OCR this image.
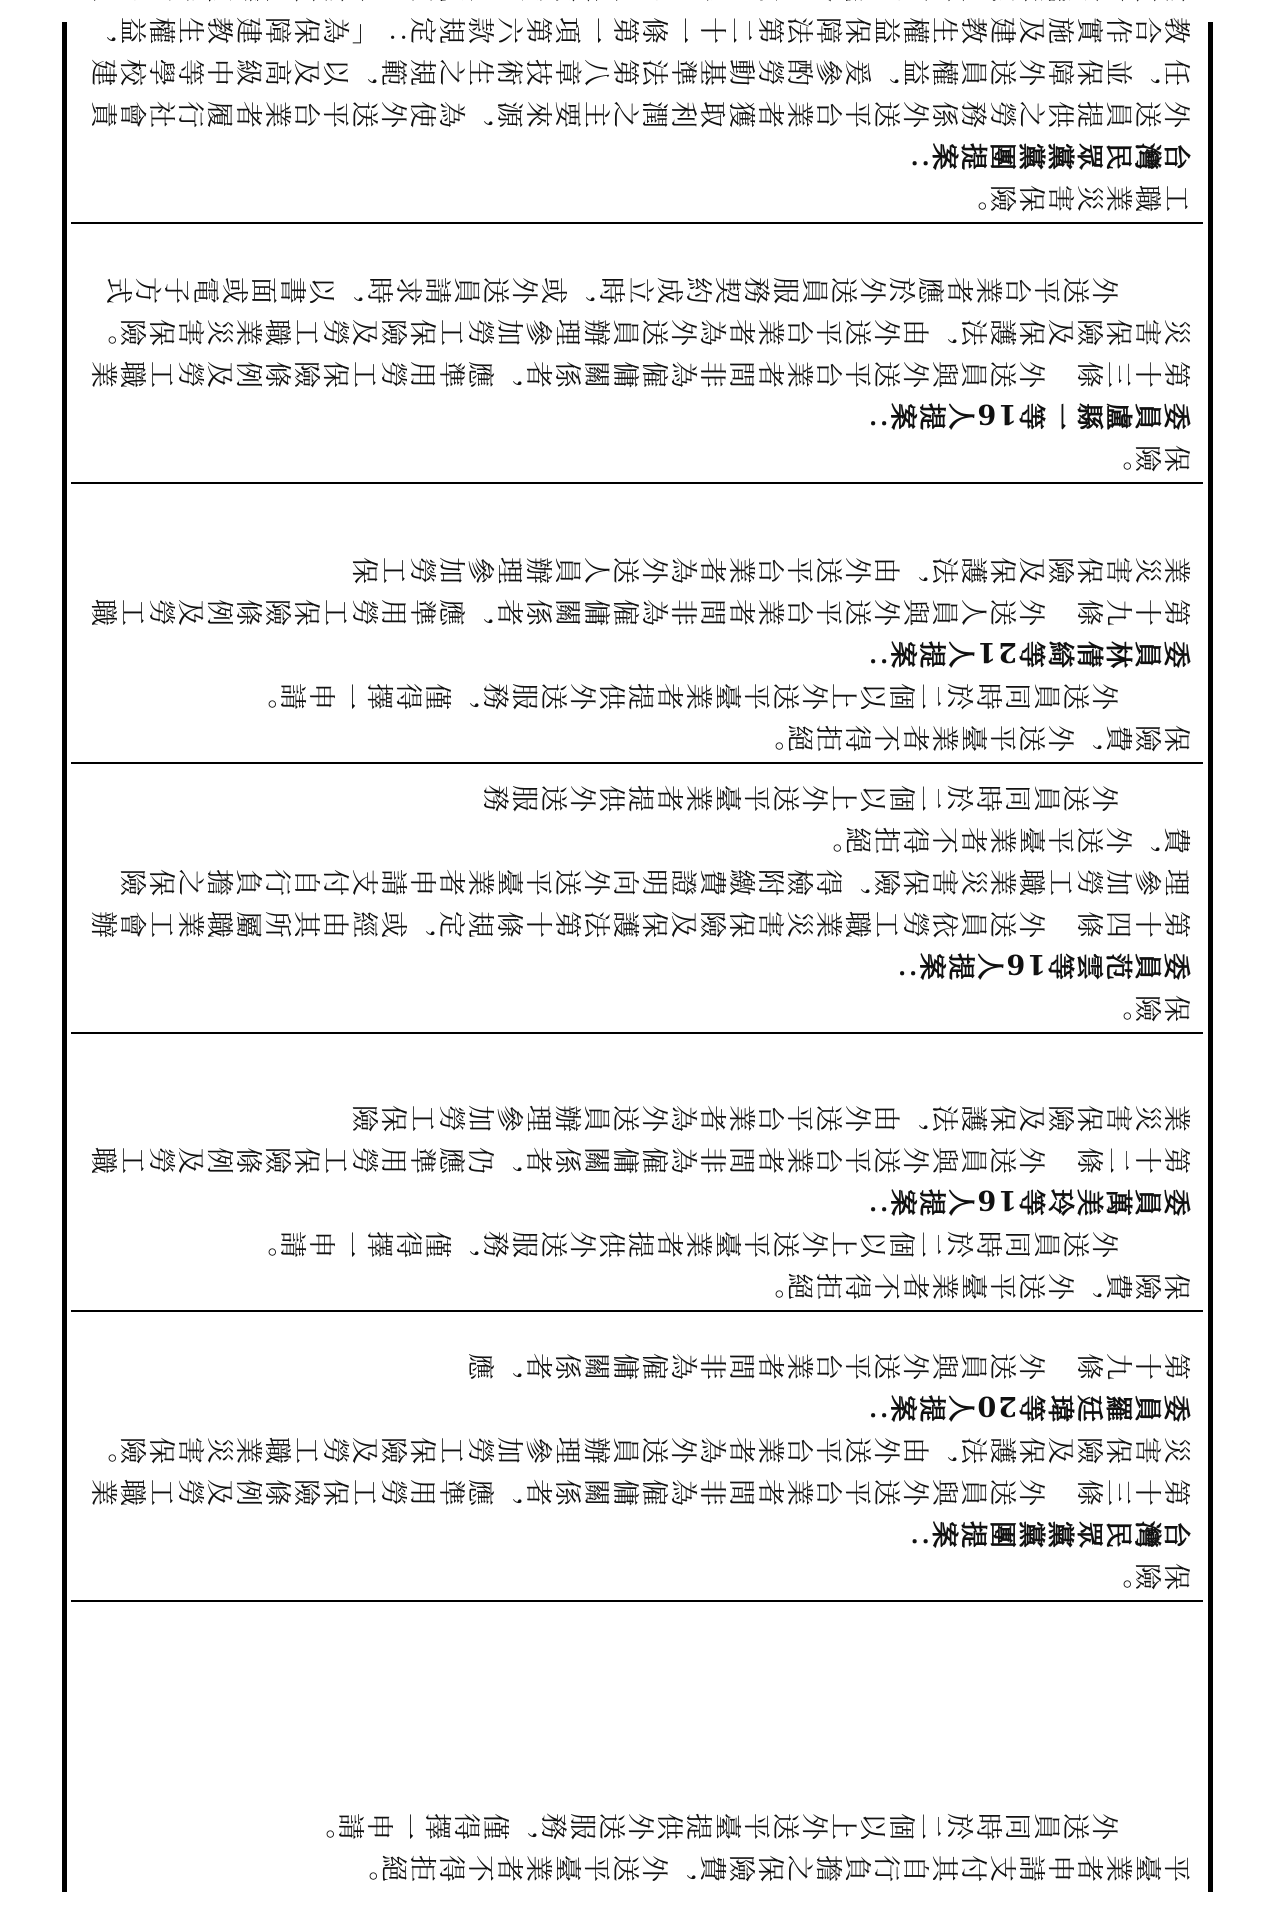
平臺業者申請支付其自行負擔之保險費，外送平臺業者不得拒絕。

外送員同時於二個以上外送平臺提供外送服務，僅得擇一申請。

保險。

台灣民眾黨黨團提案：

第十三條　外送員與外送平台業者間非為僱傭關係者，應準用勞工保險條例及勞工職業災害保險及保護法，由外送平台業者為外送員辦理參加勞工保險及勞工職業災害保險。

委員羅廷瑋等20人提案：

第十九條　外送員與外送平台業者間非為僱傭關係者，應

保險費，外送平臺業者不得拒絕。

外送員同時於二個以上外送平臺業者提供外送服務，僅得擇一申請。

委員萬美玲等16人提案：

第十二條　外送員與外送平台業者間非為僱傭關係者，仍應準用勞工保險條例及勞工職業災害保險及保護法，由外送平台業者為外送員辦理參加勞工保險

保險。

委員范雲等16人提案：

第十四條　外送員依勞工職業災害保險及保護法第十條規定，或經由其所屬職業工會辦理參加勞工職業災害保險，得檢附繳費證明向外送平臺業者申請支付自行負擔之保險費，外送平臺業者不得拒絕。

外送員同時於二個以上外送平臺業者提供外送服務

保險費，外送平臺業者不得拒絕。

外送員同時於二個以上外送平臺業者提供外送服務，僅得擇一申請。

委員林倩綺等21人提案：

第十九條　外送人員與外送平台業者間非為僱傭關係者，應準用勞工保險條例及勞工職業災害保險及保護法，由外送平台業者為外送人員辦理參加勞工保

保險。

委員盧縣一等16人提案：

第十三條　外送員與外送平台業者間非為僱傭關係者，應準用勞工保險條例及勞工職業災害保險及保護法，由外送平台業者為外送員辦理參加勞工保險及勞工職業災害保險。

外送平台業者應於外送員服務契約成立時，或外送員請求時，以書面或電子方式

工職業災害保險。

台灣民眾黨黨團提案：

外送員提供之勞務係外送平台業者獲取利潤之主要來源，為使外送平台業者履行社會責任，並保障外送員權益，爰參酌勞動基準法第八章技術生之規範，以及高級中等學校建教合作實施及建教生權益保障法第二十一條第一項第六款規定：「為保障建教生權益，
